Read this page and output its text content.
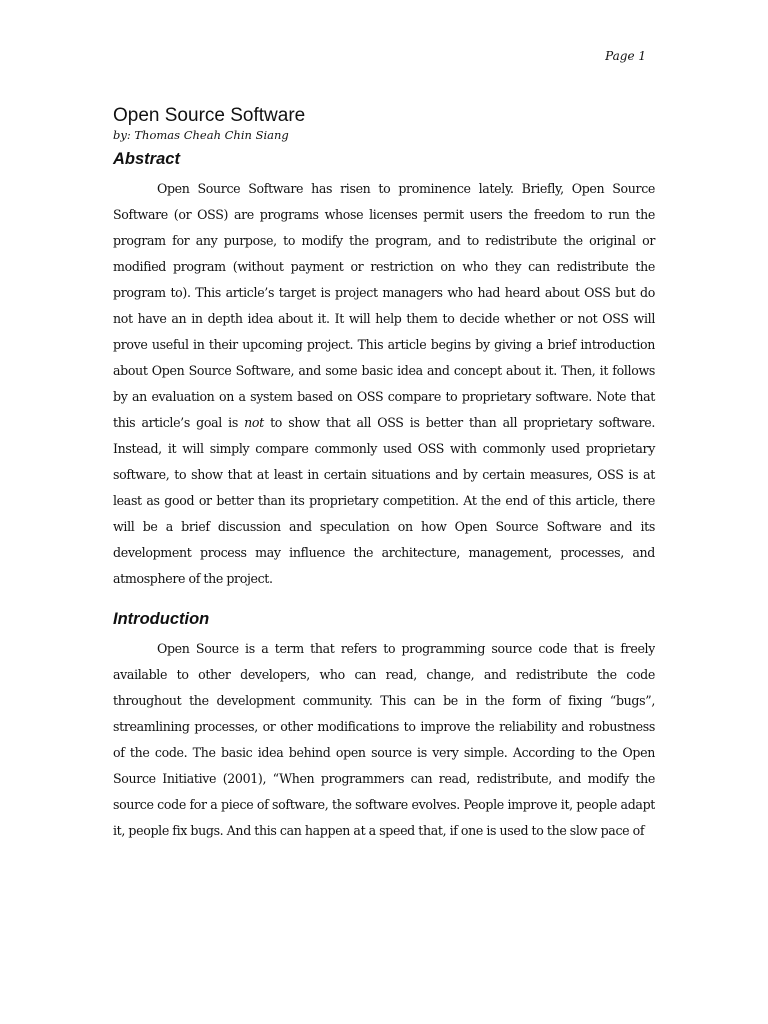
Page 1
Open Source Software

by: Thomas Cheah Chin Siang

Abstract

Open Source Software has risen to prominence lately. Briefly, Open Source Software (or OSS) are programs whose licenses permit users the freedom to run the program for any purpose, to modify the program, and to redistribute the original or modified program (without payment or restriction on who they can redistribute the program to). This article’s target is project managers who had heard about OSS but do not have an in depth idea about it. It will help them to decide whether or not OSS will prove useful in their upcoming project. This article begins by giving a brief introduction about Open Source Software, and some basic idea and concept about it. Then, it follows by an evaluation on a system based on OSS compare to proprietary software. Note that this article’s goal is not to show that all OSS is better than all proprietary software. Instead, it will simply compare commonly used OSS with commonly used proprietary software, to show that at least in certain situations and by certain measures, OSS is at least as good or better than its proprietary competition. At the end of this article, there will be a brief discussion and speculation on how Open Source Software and its development process may influence the architecture, management, processes, and atmosphere of the project.

Introduction

Open Source is a term that refers to programming source code that is freely available to other developers, who can read, change, and redistribute the code throughout the development community. This can be in the form of fixing “bugs”, streamlining processes, or other modifications to improve the reliability and robustness of the code. The basic idea behind open source is very simple. According to the Open Source Initiative (2001), “When programmers can read, redistribute, and modify the source code for a piece of software, the software evolves. People improve it, people adapt it, people fix bugs. And this can happen at a speed that, if one is used to the slow pace of
